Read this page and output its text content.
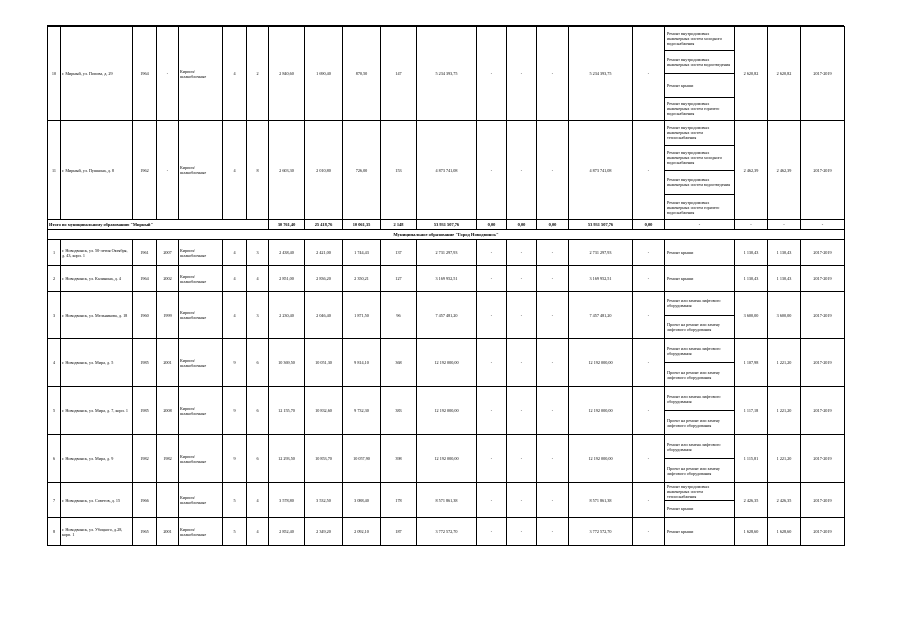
10	г. Мирный, ул. Попова, д. 29	1964	-	Кирпич/ шлакоблочные	4	2	2 840,60	1 690,40	870,50	147	5 234 393,75	-	-	-	5 234 393,75	-	Ремонт внутридомовых инженерных систем холодного водоснабжения
Ремонт внутридомовых инженерных систем водоотведения
Ремонт крыши
Ремонт внутридомовых инженерных систем горячего водоснабжения	2 620,82	2 620,82	2017-2019
11	г. Мирный, ул. Пушкина, д. 8	1962	-	Кирпич/ шлакоблочные	4	8	2 603,30	2 010,80	726,00	153	4 873 741,08	-	-	-	4 873 741,08	-	Ремонт внутридомовых инженерных систем теплоснабжения
Ремонт внутридомовых инженерных систем холодного водоснабжения
Ремонт внутридомовых инженерных систем водоотведения
Ремонт внутридомовых инженерных систем горячего водоснабжения	2 462,39	2 462,39	2017-2019
Итого по муниципальному образованию "Мирный"							30 761,40	25 418,76	10 061,35	2 148	53 931 507,76	0,00	0,00	0,00	53 931 507,76	0,00	-	-	-	-
Муниципальное образование "Город Новодвинск"																				
1	г. Новодвинск, ул. 50-летия Октября, д. 43, корп. 1	1961	2007	Кирпич/ шлакоблочные	4	3	2 438,40	2 421,00	1 744,43	137	2 731 297,93	-	-	-	2 731 297,93	-	Ремонт крыши	1 130,43	1 130,43	2017-2019
2	г. Новодвинск, ул. Калинина, д. 4	1964	2002	Кирпич/ шлакоблочные	4	4	2 851,00	2 836,20	2 350,21	127	3 169 952,51	-	-	-	3 169 952,51	-	Ремонт крыши	1 130,43	1 130,43	2017-2019
3	г. Новодвинск, ул. Мельникова, д. 18	1960	1999	Кирпич/ шлакоблочные	4	3	2 230,40	2 046,40	1 871,50	96	7 457 481,20	-	-	-	7 457 481,20	-	Ремонт или замена лифтового оборудования
Проект на ремонт или замену лифтового оборудования	3 600,00	3 600,00	2017-2019
4	г. Новодвинск, ул. Мира, д. 5	1985	2001	Кирпич/ шлакоблочные	9	6	10 369,50	10 051,30	9 814,10	368	12 192 000,00	-	-	-	12 192 000,00	-	Ремонт или замена лифтового оборудования
Проект на ремонт или замену лифтового оборудования	1 107,98	1 221,20	2017-2019
5	г. Новодвинск, ул. Мира, д. 7, корп. 1	1985	2008	Кирпич/ шлакоблочные	9	6	12 155,70	10 832,60	9 732,30	383	12 192 000,00	-	-	-	12 192 000,00	-	Ремонт или замена лифтового оборудования
Проект на ремонт или замену лифтового оборудования	1 117,18	1 221,20	2017-2019
6	г. Новодвинск, ул. Мира, д. 9	1982	1982	Кирпич/ шлакоблочные	9	6	12 293,50	10 853,70	10 057,90	398	12 192 000,00	-	-	-	12 192 000,00	-	Ремонт или замена лифтового оборудования
Проект на ремонт или замену лифтового оборудования	1 115,81	1 221,20	2017-2019
7	г. Новодвинск, ул. Советов, д. 15	1966		Кирпич/ шлакоблочные	5	4	3 578,80	3 532,50	3 088,40	178	8 571 861,38	-	-	-	8 571 861,38	-	Ремонт внутридомовых инженерных систем теплоснабжения
Ремонт крыши	2 426,35	2 426,35	2017-2019
8	г. Новодвинск, ул. Убоцкого, д.28, корп. 1	1965	2001	Кирпич/ шлакоблочные	5	4	2 852,40	2 349,20	2 092,10	187	3 772 572,70	-	-	-	3 772 572,70	-	Ремонт крыши	1 628,60	1 628,60	2017-2019
